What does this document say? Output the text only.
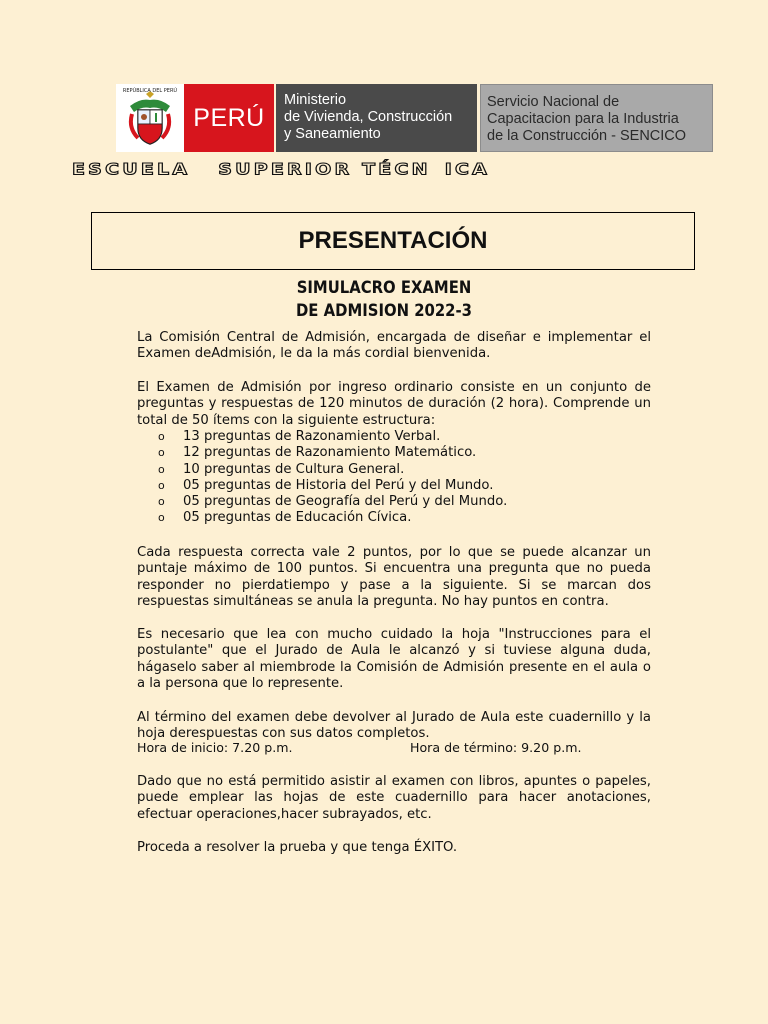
REPÚBLICA DEL PERÚ
PERÚ
Ministerio
de Vivienda, Construcción
y Saneamiento
Servicio Nacional de
Capacitacion para la Industria
de la Construcción - SENCICO
ESCUELA SUPERIOR TÉCN ICA
PRESENTACIÓN
SIMULACRO EXAMEN
DE ADMISION 2022-3
La Comisión Central de Admisión, encargada de diseñar e implementar el Examen deAdmisión, le da la más cordial bienvenida.
El Examen de Admisión por ingreso ordinario consiste en un conjunto de preguntas y respuestas de 120 minutos de duración (2 hora). Comprende un total de 50 ítems con la siguiente estructura:
o	13 preguntas de Razonamiento Verbal.
o	12 preguntas de Razonamiento Matemático.
o	10 preguntas de Cultura General.
o	05 preguntas de Historia del Perú y del Mundo.
o	05 preguntas de Geografía del Perú y del Mundo.
o	05 preguntas de Educación Cívica.
Cada respuesta correcta vale 2 puntos, por lo que se puede alcanzar un puntaje máximo de 100 puntos. Si encuentra una pregunta que no pueda responder no pierdatiempo y pase a la siguiente. Si se marcan dos respuestas simultáneas se anula la pregunta. No hay puntos en contra.
Es necesario que lea con mucho cuidado la hoja "Instrucciones para el postulante" que el Jurado de Aula le alcanzó y si tuviese alguna duda, hágaselo saber al miembrode la Comisión de Admisión presente en el aula o a la persona que lo represente.
Al término del examen debe devolver al Jurado de Aula este cuadernillo y la hoja derespuestas con sus datos completos.
Hora de inicio: 7.20 p.m.	Hora de término: 9.20 p.m.
Dado que no está permitido asistir al examen con libros, apuntes o papeles, puede emplear las hojas de este cuadernillo para hacer anotaciones, efectuar operaciones,hacer subrayados, etc.
Proceda a resolver la prueba y que tenga ÉXITO.
